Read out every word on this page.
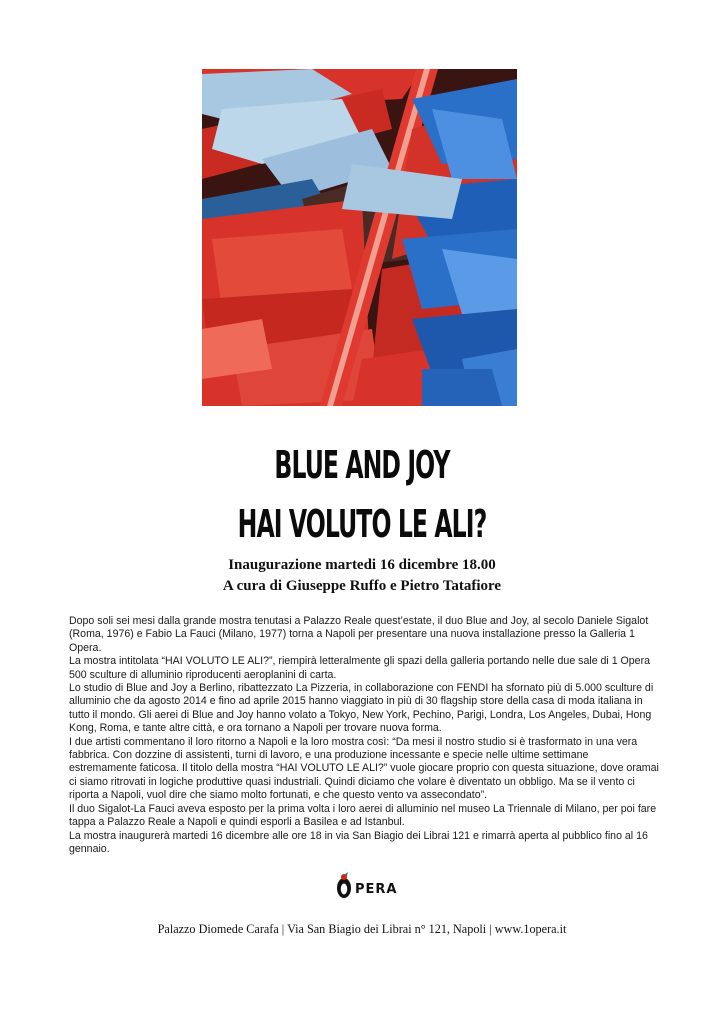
BLUE AND JOY
HAI VOLUTO LE ALI?
Inaugurazione martedi 16 dicembre 18.00
A cura di Giuseppe Ruffo e Pietro Tatafiore

Dopo soli sei mesi dalla grande mostra tenutasi a Palazzo Reale quest’estate, il duo Blue and Joy, al secolo Daniele Sigalot (Roma, 1976) e Fabio La Fauci (Milano, 1977) torna a Napoli per presentare una nuova installazione presso la Galleria 1 Opera.

La mostra intitolata “HAI VOLUTO LE ALI?”, riempirà letteralmente gli spazi della galleria portando nelle due sale di 1 Opera 500 sculture di alluminio riproducenti aeroplanini di carta.

Lo studio di Blue and Joy a Berlino, ribattezzato La Pizzeria, in collaborazione con FENDI ha sfornato più di 5.000 sculture di alluminio che da agosto 2014 e fino ad aprile 2015 hanno viaggiato in più di 30 flagship store della casa di moda italiana in tutto il mondo. Gli aerei di Blue and Joy hanno volato a Tokyo, New York, Pechino, Parigi, Londra, Los Angeles, Dubai, Hong Kong, Roma, e tante altre città, e ora tornano a Napoli per trovare nuova forma.

I due artisti commentano il loro ritorno a Napoli e la loro mostra così: “Da mesi il nostro studio si è trasformato in una vera fabbrica. Con dozzine di assistenti, turni di lavoro, e una produzione incessante e specie nelle ultime settimane estremamente faticosa. Il titolo della mostra “HAI VOLUTO LE ALI?” vuole giocare proprio con questa situazione, dove oramai ci siamo ritrovati in logiche produttive quasi industriali. Quindi diciamo che volare è diventato un obbligo. Ma se il vento ci riporta a Napoli, vuol dire che siamo molto fortunati, e che questo vento va assecondato”.

Il duo Sigalot-La Fauci aveva esposto per la prima volta i loro aerei di alluminio nel museo La Triennale di Milano, per poi fare tappa a Palazzo Reale a Napoli e quindi esporli a Basilea e ad Istanbul.

La mostra inaugurerà martedi 16 dicembre alle ore 18 in via San Biagio dei Librai 121 e rimarrà aperta al pubblico fino al 16 gennaio.

PERA
Palazzo Diomede Carafa | Via San Biagio dei Librai n° 121, Napoli | www.1opera.it
